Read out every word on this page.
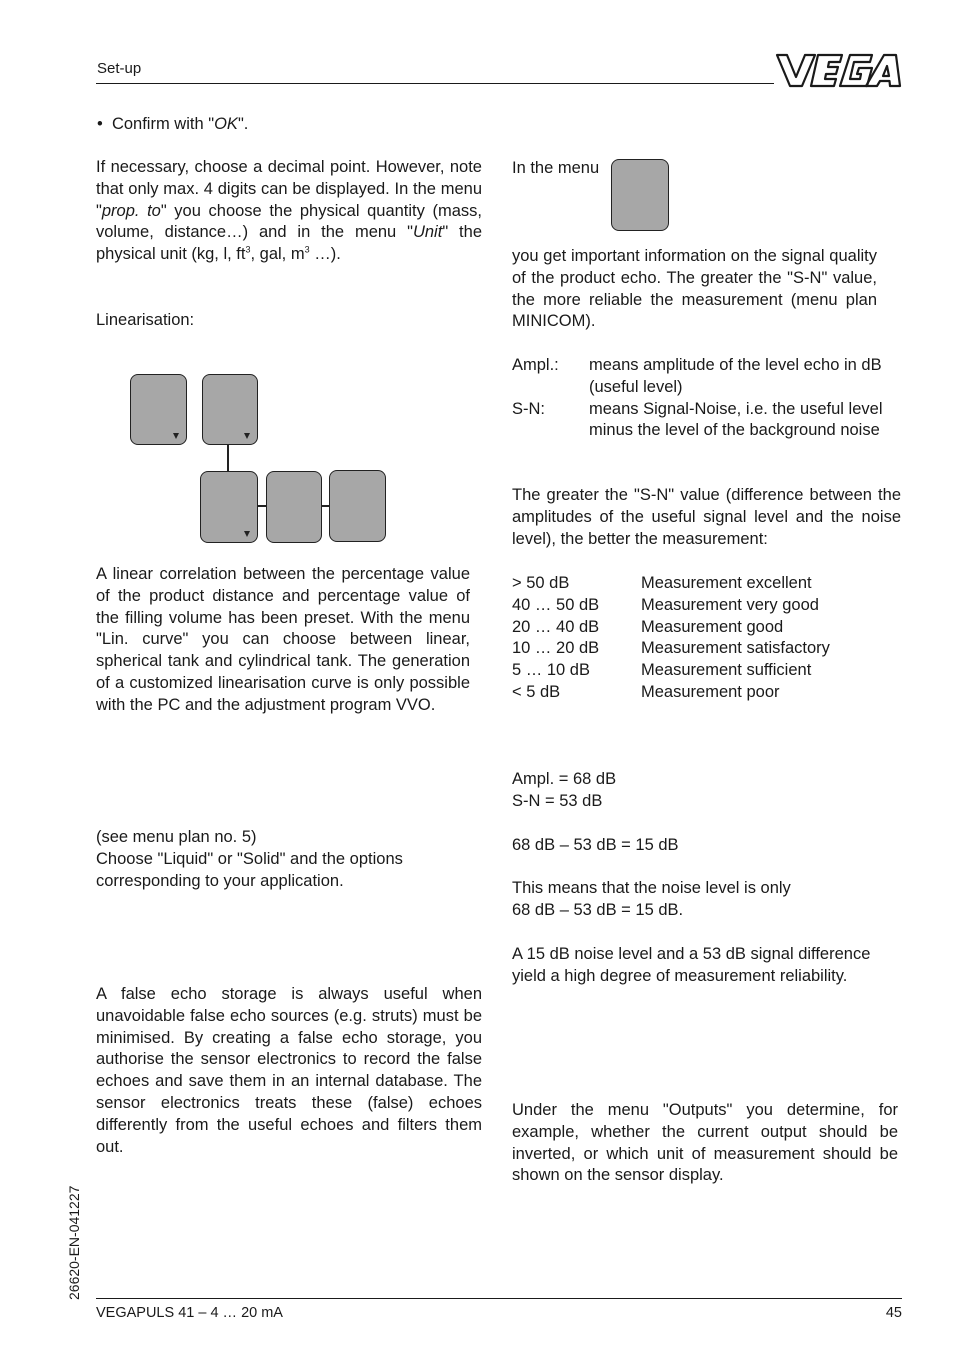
Set-up
• Confirm with "OK".
If necessary, choose a decimal point. However, note that only max. 4 digits can be displayed. In the menu "prop. to" you choose the physical quantity (mass, volume, distance…) and in the menu "Unit" the physical unit (kg, l, $ft^3$, gal, $m^3$ …).
Linearisation:
A linear correlation between the percentage value of the product distance and percentage value of the filling volume has been preset. With the menu "Lin. curve" you can choose between linear, spherical tank and cylindrical tank. The generation of a customized linearisation curve is only possible with the PC and the adjustment program VVO.
(see menu plan no. 5)
Choose "Liquid" or "Solid" and the options corresponding to your application.
A false echo storage is always useful when unavoidable false echo sources (e.g. struts) must be minimised. By creating a false echo storage, you authorise the sensor electronics to record the false echoes and save them in an internal database. The sensor electronics treats these (false) echoes differently from the useful echoes and filters them out.
In the menu
you get important information on the signal quality of the product echo. The greater the "S-N" value, the more reliable the measurement (menu plan MINICOM).
Ampl.:	means amplitude of the level echo in dB (useful level)
S-N:	means Signal-Noise, i.e. the useful level minus the level of the background noise
The greater the "S-N" value (difference between the amplitudes of the useful signal level and the noise level), the better the measurement:
> 50 dB	Measurement excellent
40 … 50 dB	Measurement very good
20 … 40 dB	Measurement good
10 … 20 dB	Measurement satisfactory
5 … 10 dB	Measurement sufficient
< 5 dB	Measurement poor
Ampl. = 68 dB
S-N = 53 dB
68 dB – 53 dB = 15 dB
This means that the noise level is only
68 dB – 53 dB = 15 dB.
A 15 dB noise level and a 53 dB signal difference yield a high degree of measurement reliability.
Under the menu "Outputs" you determine, for example, whether the current output should be inverted, or which unit of measurement should be shown on the sensor display.
26620-EN-041227
VEGAPULS 41 – 4 … 20 mA	45
